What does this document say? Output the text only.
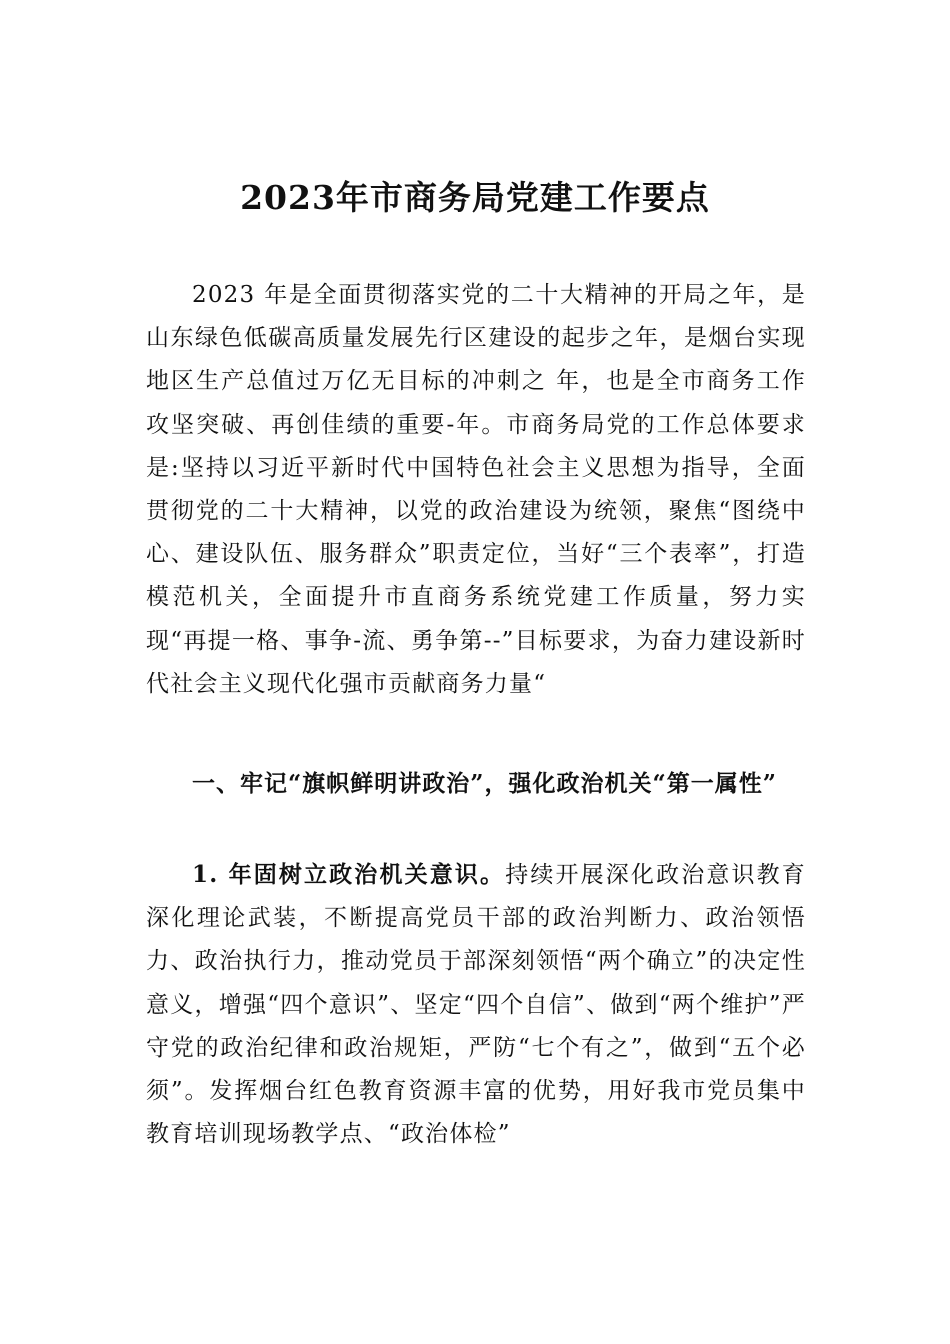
2023年市商务局党建工作要点

2023 年是全面贯彻落实党的二十大精神的开局之年，是山东绿色低碳高质量发展先行区建设的起步之年，是烟台实现地区生产总值过万亿无目标的冲刺之 年，也是全市商务工作攻坚突破、再创佳绩的重要-年。市商务局党的工作总体要求是:坚持以习近平新时代中国特色社会主义思想为指导，全面贯彻党的二十大精神，以党的政治建设为统领，聚焦“图绕中心、建设队伍、服务群众”职责定位，当好“三个表率”，打造模范机关，全面提升市直商务系统党建工作质量，努力实现“再提一格、事争-流、勇争第--”目标要求，为奋力建设新时代社会主义现代化强市贡献商务力量“

一、牢记“旗帜鲜明讲政治”，强化政治机关“第一属性”

1. 年固树立政治机关意识。持续开展深化政治意识教育深化理论武装，不断提高党员干部的政治判断力、政治领悟力、政治执行力，推动党员于部深刻领悟“两个确立”的决定性意义，增强“四个意识”、坚定“四个自信”、做到“两个维护”严守党的政治纪律和政治规矩，严防“七个有之”，做到“五个必须”。发挥烟台红色教育资源丰富的优势，用好我市党员集中教育培训现场教学点、“政治体检”
